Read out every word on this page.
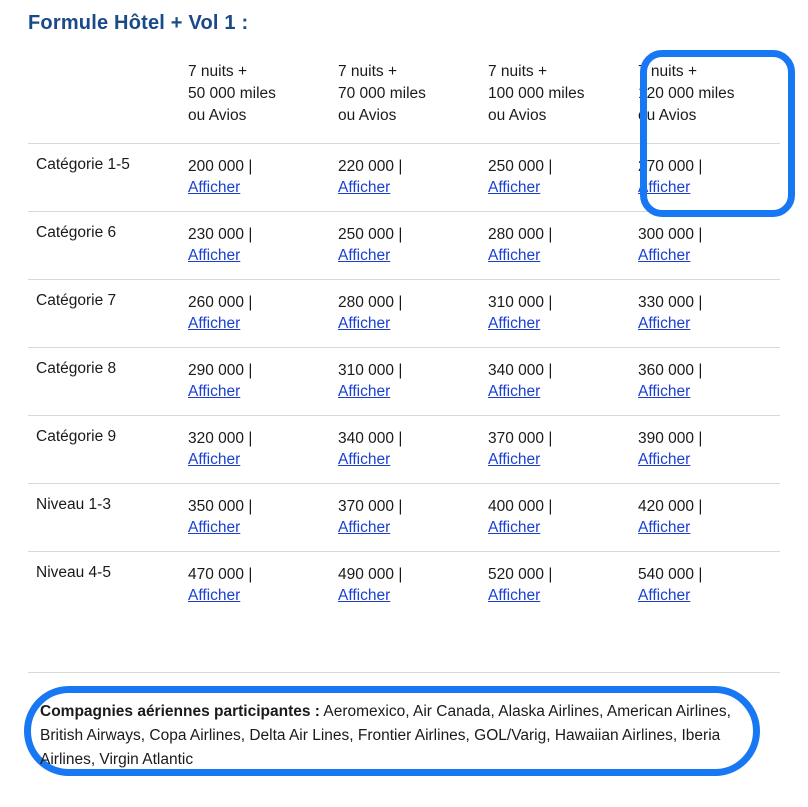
Formule Hôtel + Vol 1 :

	7 nuits +
50 000 miles
ou Avios	7 nuits +
70 000 miles
ou Avios	7 nuits +
100 000 miles
ou Avios	7 nuits +
120 000 miles
ou Avios

Catégorie 1-5	200 000 |
Afficher	220 000 |
Afficher	250 000 |
Afficher	270 000 |
Afficher
Catégorie 6	230 000 |
Afficher	250 000 |
Afficher	280 000 |
Afficher	300 000 |
Afficher
Catégorie 7	260 000 |
Afficher	280 000 |
Afficher	310 000 |
Afficher	330 000 |
Afficher
Catégorie 8	290 000 |
Afficher	310 000 |
Afficher	340 000 |
Afficher	360 000 |
Afficher
Catégorie 9	320 000 |
Afficher	340 000 |
Afficher	370 000 |
Afficher	390 000 |
Afficher
Niveau 1-3	350 000 |
Afficher	370 000 |
Afficher	400 000 |
Afficher	420 000 |
Afficher
Niveau 4-5	470 000 |
Afficher	490 000 |
Afficher	520 000 |
Afficher	540 000 |
Afficher
Compagnies aériennes participantes : Aeromexico, Air Canada, Alaska Airlines, American Airlines, British Airways, Copa Airlines, Delta Air Lines, Frontier Airlines, GOL/Varig, Hawaiian Airlines, Iberia Airlines, Virgin Atlantic
